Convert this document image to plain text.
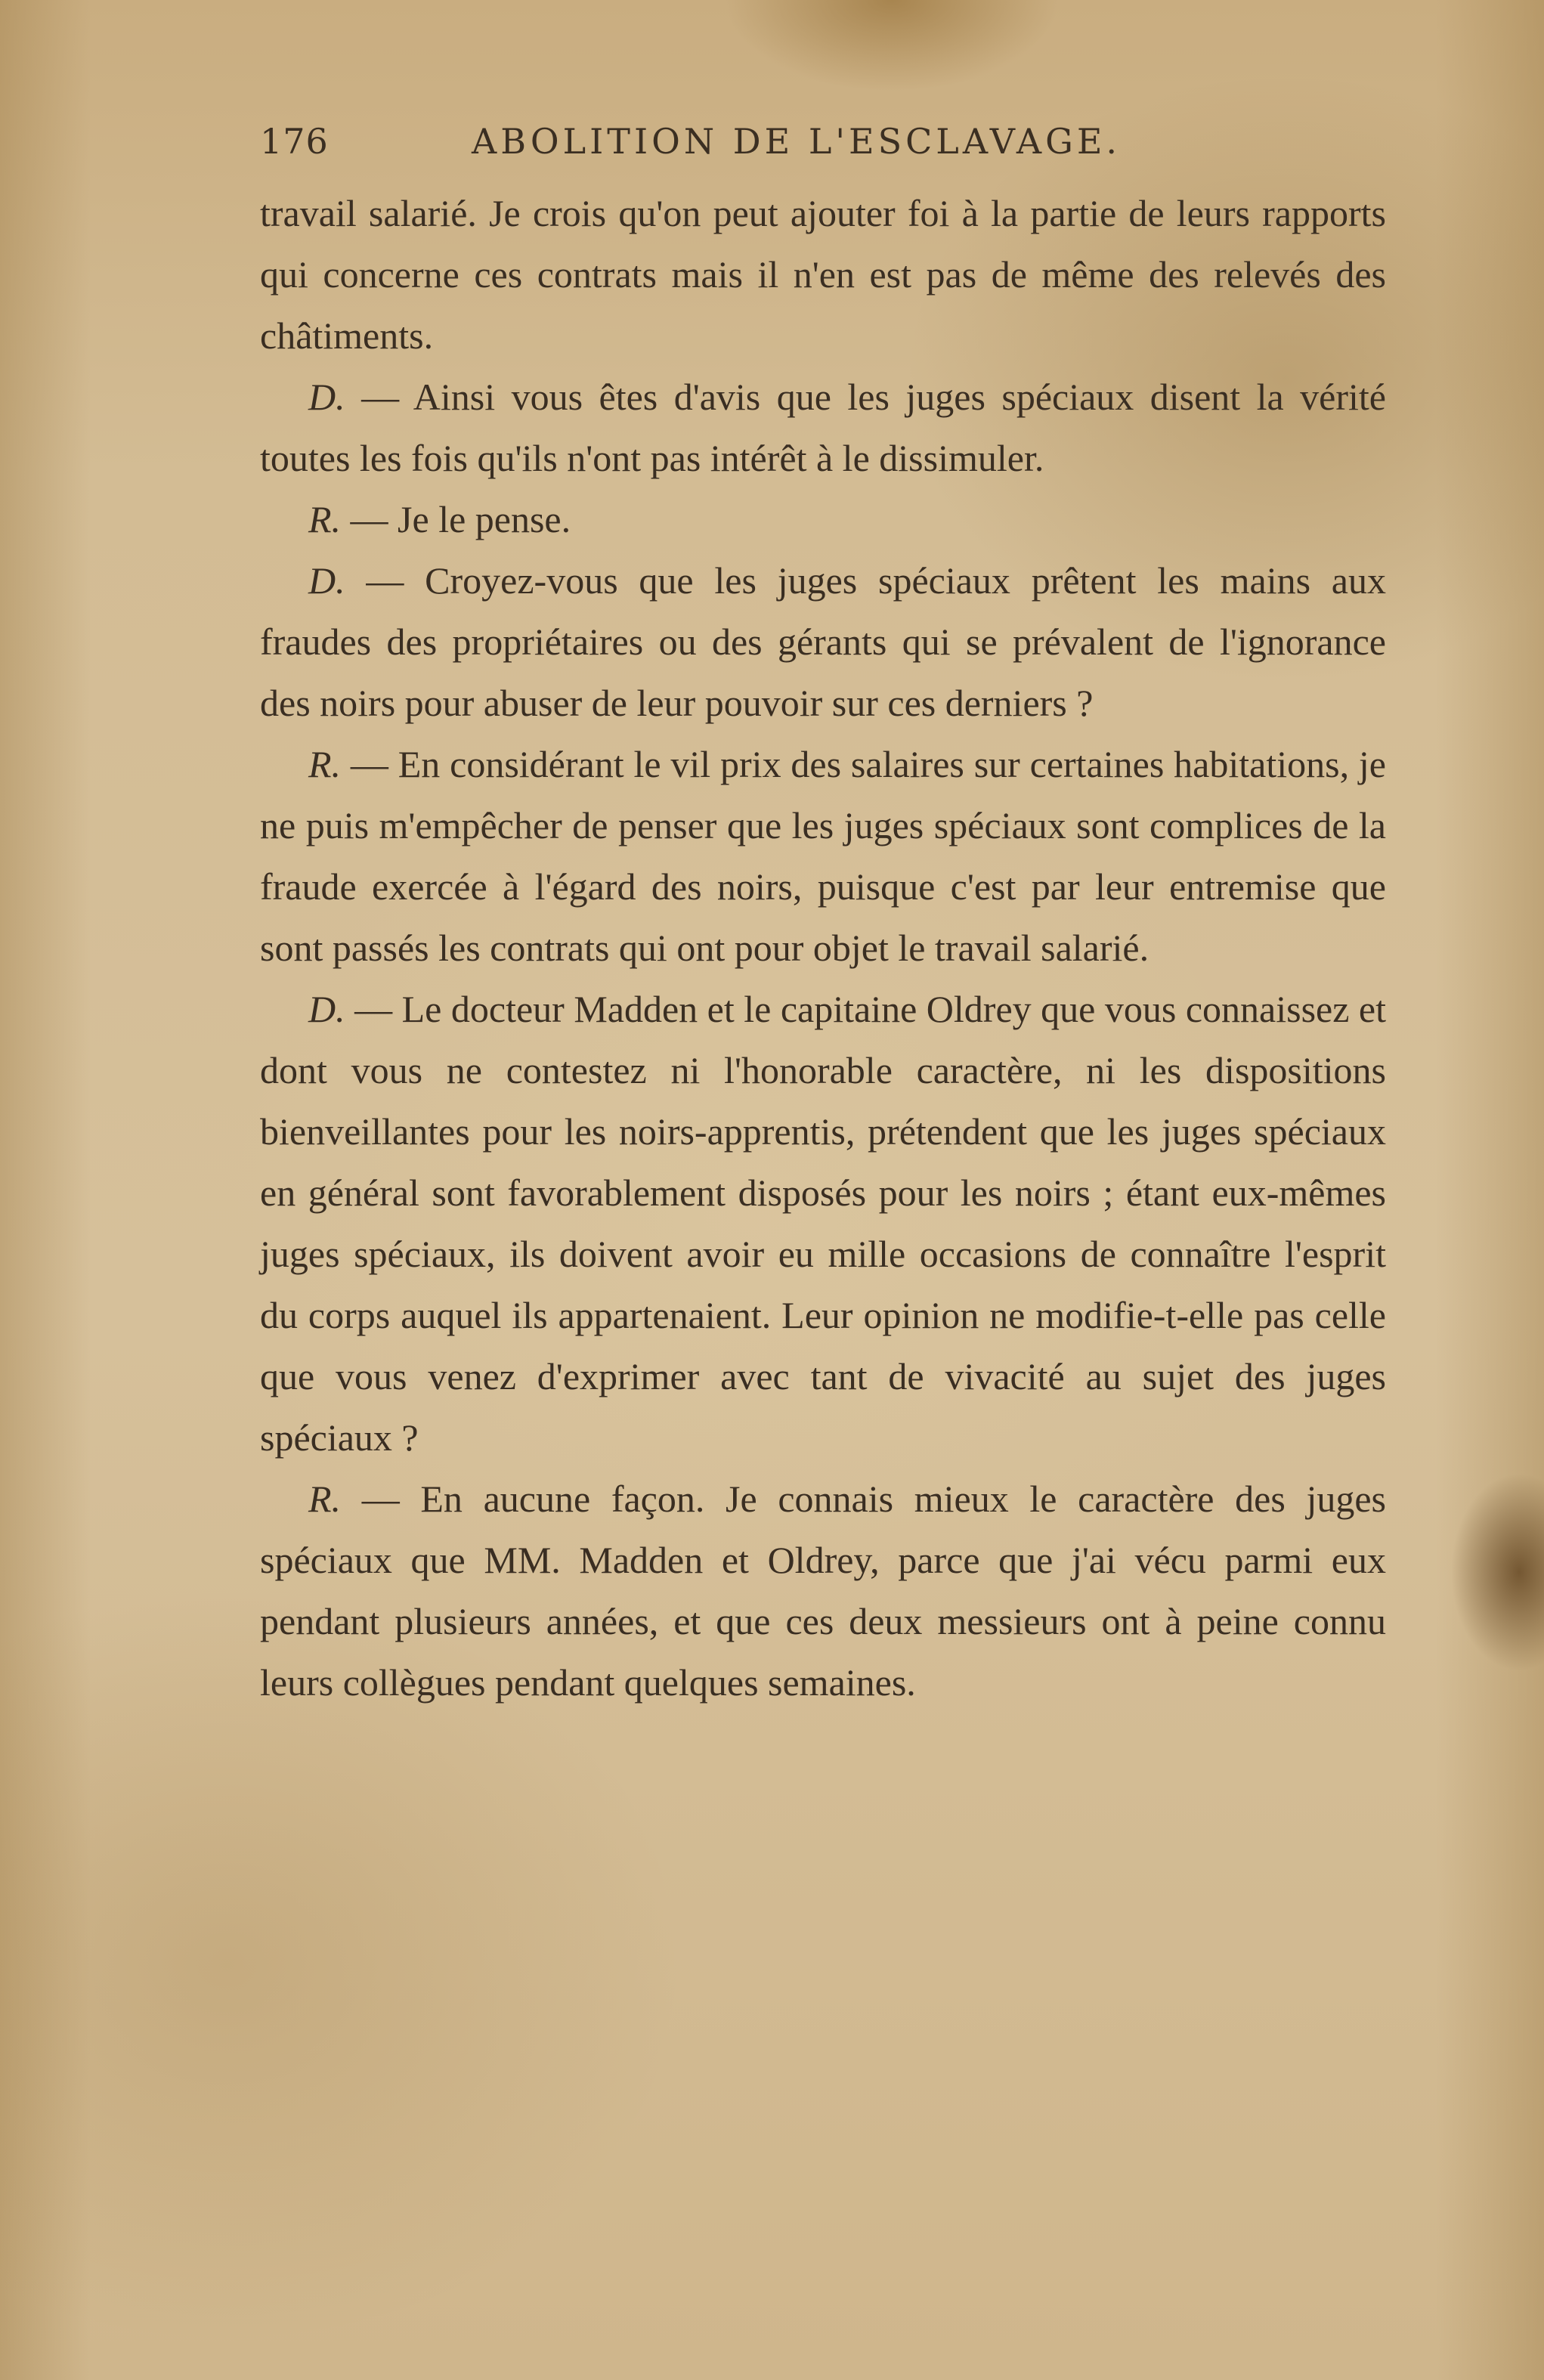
176	ABOLITION DE L'ESCLAVAGE.

travail salarié. Je crois qu'on peut ajouter foi à la partie de leurs rapports qui concerne ces contrats mais il n'en est pas de même des relevés des châtiments.

D. — Ainsi vous êtes d'avis que les juges spéciaux disent la vérité toutes les fois qu'ils n'ont pas intérêt à le dissimuler.

R. — Je le pense.

D. — Croyez-vous que les juges spéciaux prêtent les mains aux fraudes des propriétaires ou des gérants qui se prévalent de l'ignorance des noirs pour abuser de leur pouvoir sur ces derniers ?

R. — En considérant le vil prix des salaires sur certaines habitations, je ne puis m'empêcher de penser que les juges spéciaux sont complices de la fraude exercée à l'égard des noirs, puisque c'est par leur entremise que sont passés les contrats qui ont pour objet le travail salarié.

D. — Le docteur Madden et le capitaine Oldrey que vous connaissez et dont vous ne contestez ni l'honorable caractère, ni les dispositions bienveillantes pour les noirs-apprentis, prétendent que les juges spéciaux en général sont favorablement disposés pour les noirs ; étant eux-mêmes juges spéciaux, ils doivent avoir eu mille occasions de connaître l'esprit du corps auquel ils appartenaient. Leur opinion ne modifie-t-elle pas celle que vous venez d'exprimer avec tant de vivacité au sujet des juges spéciaux ?

R. — En aucune façon. Je connais mieux le caractère des juges spéciaux que MM. Madden et Oldrey, parce que j'ai vécu parmi eux pendant plusieurs années, et que ces deux messieurs ont à peine connu leurs collègues pendant quelques semaines.
